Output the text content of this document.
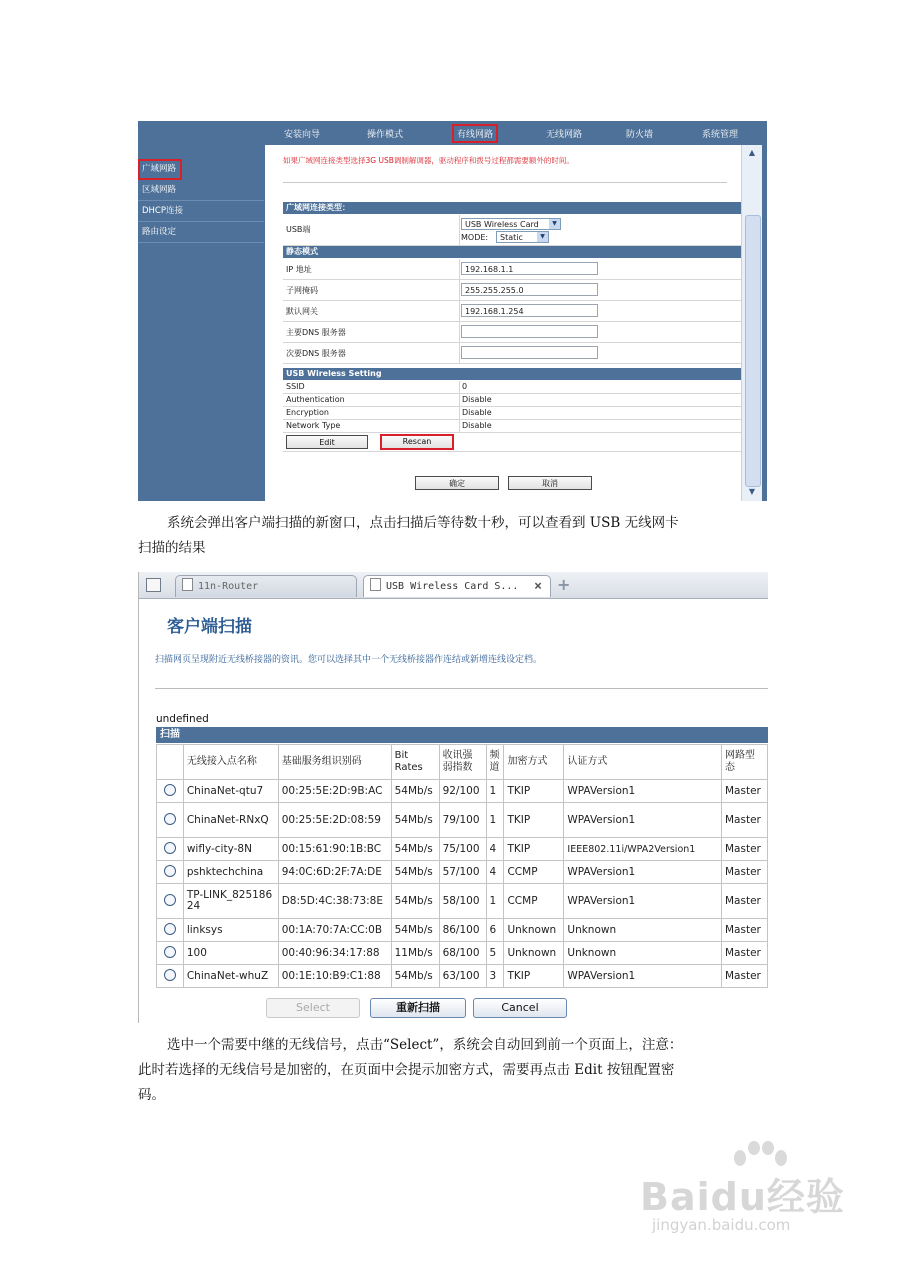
安装向导	操作模式	有线网路	无线网路	防火墙	系统管理
广域网路
区域网路
DHCP连接
路由设定
如果广域网连接类型选择3G USB调制解调器，驱动程序和拨号过程都需要额外的时间。
广域网连接类型：
USB端
USB Wireless Card	▼
MODE:	Static	▼
静态模式
IP 地址	192.168.1.1
子网掩码	255.255.255.0
默认网关	192.168.1.254
主要DNS 服务器
次要DNS 服务器
USB Wireless Setting
SSID	0
Authentication	Disable
Encryption	Disable
Network Type	Disable
Edit	Rescan
确定	取消
▲
▼
系统会弹出客户端扫描的新窗口，点击扫描后等待数十秒，可以查看到 USB 无线网卡
扫描的结果
11n-Router	USB Wireless Card S... × +
客户端扫描
扫描网页呈现附近无线桥接器的资讯。您可以选择其中一个无线桥接器作连结或新增连线设定档。
undefined
扫描
	无线接入点名称	基础服务组识别码	Bit Rates	收讯强弱指数	频道	加密方式	认证方式	网路型态
	ChinaNet-qtu7	00:25:5E:2D:9B:AC	54Mb/s	92/100	1	TKIP	WPAVersion1	Master
	ChinaNet-RNxQ	00:25:5E:2D:08:59	54Mb/s	79/100	1	TKIP	WPAVersion1	Master
	wifly-city-8N	00:15:61:90:1B:BC	54Mb/s	75/100	4	TKIP	IEEE802.11i/WPA2Version1	Master
	pshktechchina	94:0C:6D:2F:7A:DE	54Mb/s	57/100	4	CCMP	WPAVersion1	Master
	TP-LINK_82518624	D8:5D:4C:38:73:8E	54Mb/s	58/100	1	CCMP	WPAVersion1	Master
	linksys	00:1A:70:7A:CC:0B	54Mb/s	86/100	6	Unknown	Unknown	Master
	100	00:40:96:34:17:88	11Mb/s	68/100	5	Unknown	Unknown	Master
	ChinaNet-whuZ	00:1E:10:B9:C1:88	54Mb/s	63/100	3	TKIP	WPAVersion1	Master
Select	重新扫描	Cancel
选中一个需要中继的无线信号，点击“Select”，系统会自动回到前一个页面上，注意：
此时若选择的无线信号是加密的，在页面中会提示加密方式，需要再点击 Edit 按钮配置密
码。
Baidu经验
jingyan.baidu.com
